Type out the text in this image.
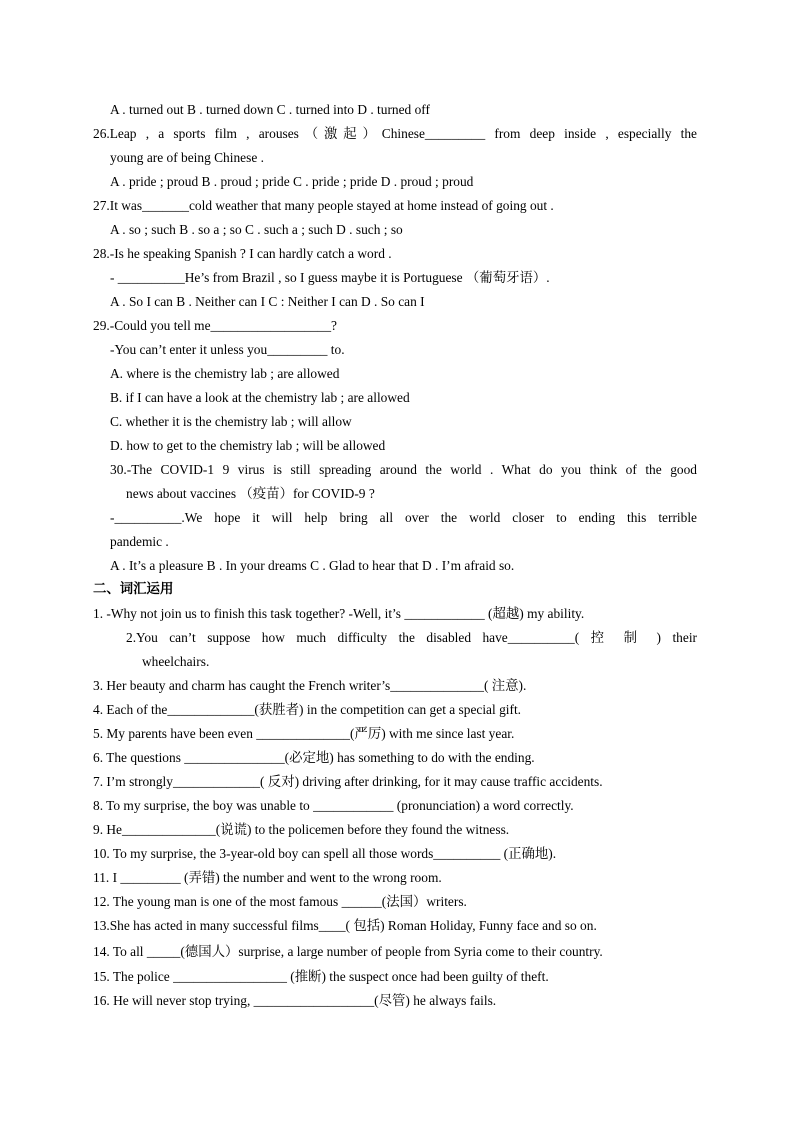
A . turned out B . turned down C . turned into D . turned off
26.Leap , a sports film , arouses（激起）Chinese_________ from deep inside , especially the
young are of being Chinese .
A . pride ; proud B . proud ; pride C . pride ; pride D . proud ; proud
27.It was_______cold weather that many people stayed at home instead of going out .
A . so ; such B . so a ; so C . such a ; such D . such ; so
28.-Is he speaking Spanish ? I can hardly catch a word .
- __________He’s from Brazil , so I guess maybe it is Portuguese （葡萄牙语）.
A . So I can B . Neither can I C : Neither I can D . So can I
29.-Could you tell me__________________?
-You can’t enter it unless you_________ to.
A. where is the chemistry lab ; are allowed
B. if I can have a look at the chemistry lab ; are allowed
C. whether it is the chemistry lab ; will allow
D. how to get to the chemistry lab ; will be allowed
30.-The COVID-1 9 virus is still spreading around the world . What do you think of the good
news about vaccines （疫苗）for COVID-9 ?
-__________.We hope it will help bring all over the world closer to ending this terrible
pandemic .
A . It’s a pleasure B . In your dreams C . Glad to hear that D . I’m afraid so.
二、词汇运用
1. -Why not join us to finish this task together? -Well, it’s ____________ (超越) my ability.
2.You can’t suppose how much difficulty the disabled have__________( 控 制 ) their
wheelchairs.
3. Her beauty and charm has caught the French writer’s______________( 注意).
4. Each of the_____________(获胜者) in the competition can get a special gift.
5. My parents have been even ______________(严厉) with me since last year.
6. The questions _______________(必定地) has something to do with the ending.
7. I’m strongly_____________( 反对) driving after drinking, for it may cause traffic accidents.
8. To my surprise, the boy was unable to ____________ (pronunciation) a word correctly.
9. He______________(说谎) to the policemen before they found the witness.
10. To my surprise, the 3-year-old boy can spell all those words__________ (正确地).
11. I _________ (弄错) the number and went to the wrong room.
12. The young man is one of the most famous ______(法国）writers.
13.She has acted in many successful films____( 包括) Roman Holiday, Funny face and so on.
14. To all _____(德国人）surprise, a large number of people from Syria come to their country.
15. The police _________________ (推断) the suspect once had been guilty of theft.
16. He will never stop trying, __________________(尽管) he always fails.
